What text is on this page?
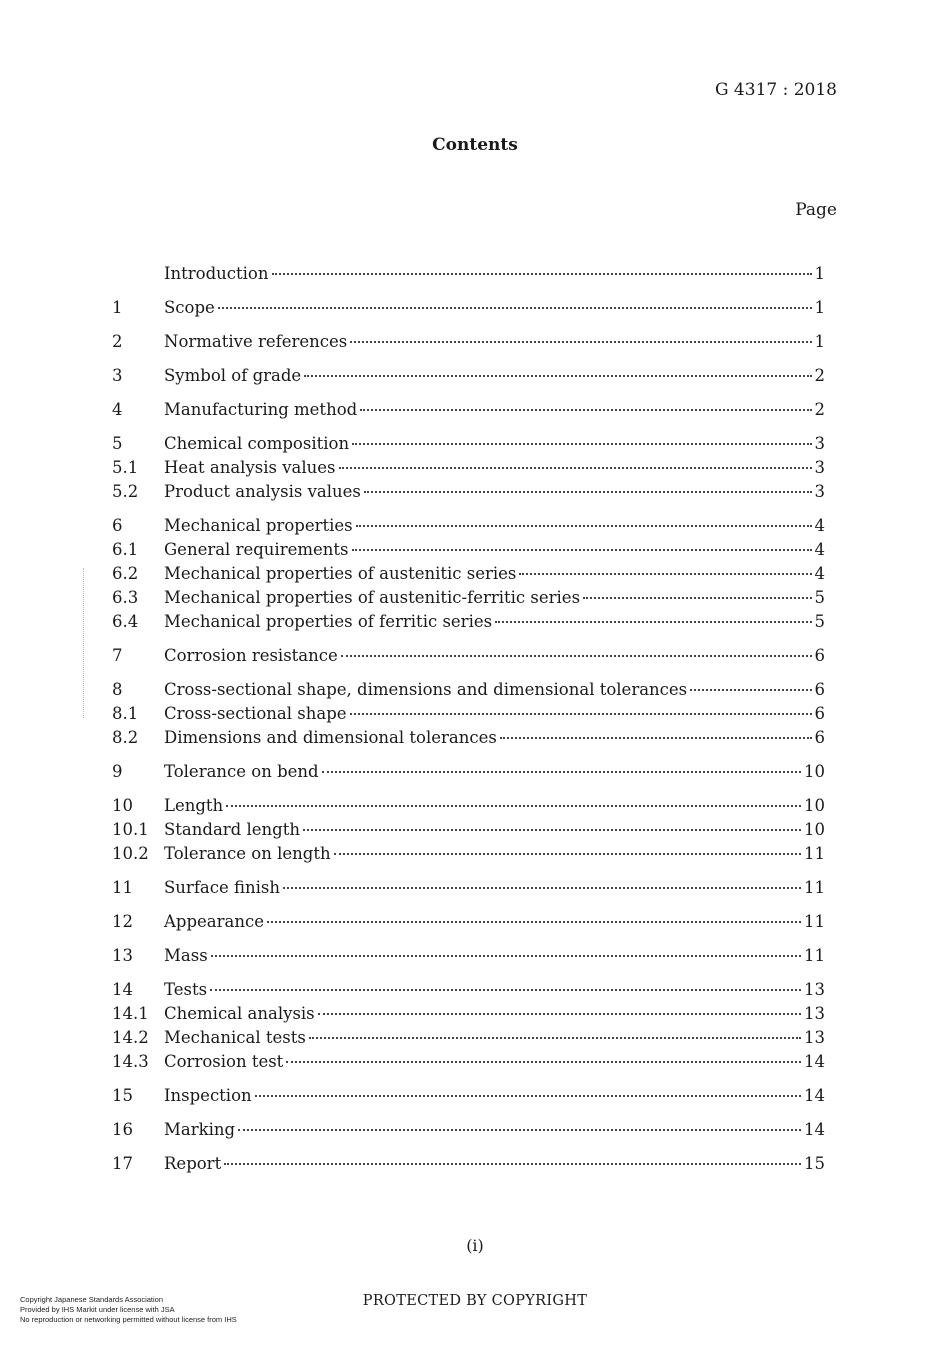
G 4317 : 2018
Contents
Page
Introduction	1
1	Scope	1
2	Normative references	1
3	Symbol of grade	2
4	Manufacturing method	2
5	Chemical composition	3
5.1	Heat analysis values	3
5.2	Product analysis values	3
6	Mechanical properties	4
6.1	General requirements	4
6.2	Mechanical properties of austenitic series	4
6.3	Mechanical properties of austenitic-ferritic series	5
6.4	Mechanical properties of ferritic series	5
7	Corrosion resistance	6
8	Cross-sectional shape, dimensions and dimensional tolerances	6
8.1	Cross-sectional shape	6
8.2	Dimensions and dimensional tolerances	6
9	Tolerance on bend	10
10	Length	10
10.1 Standard length	10
10.2 Tolerance on length	11
11	Surface finish	11
12	Appearance	11
13	Mass	11
14	Tests	13
14.1 Chemical analysis	13
14.2 Mechanical tests	13
14.3 Corrosion test	14
15	Inspection	14
16	Marking	14
17	Report	15
(i)
PROTECTED BY COPYRIGHT
Copyright Japanese Standards Association
Provided by IHS Markit under license with JSA
No reproduction or networking permitted without license from IHS
